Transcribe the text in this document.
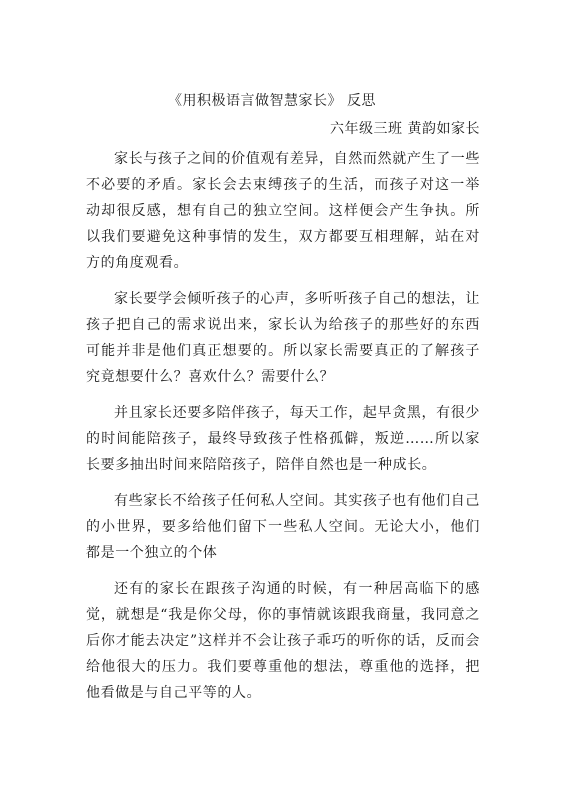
《用积极语言做智慧家长》 反思
六年级三班 黄韵如家长

家长与孩子之间的价值观有差异，自然而然就产生了一些不必要的矛盾。家长会去束缚孩子的生活，而孩子对这一举动却很反感，想有自己的独立空间。这样便会产生争执。所以我们要避免这种事情的发生，双方都要互相理解，站在对方的角度观看。

家长要学会倾听孩子的心声，多听听孩子自己的想法，让孩子把自己的需求说出来，家长认为给孩子的那些好的东西可能并非是他们真正想要的。所以家长需要真正的了解孩子究竟想要什么？喜欢什么？需要什么？

并且家长还要多陪伴孩子，每天工作，起早贪黑，有很少的时间能陪孩子，最终导致孩子性格孤僻，叛逆……所以家长要多抽出时间来陪陪孩子，陪伴自然也是一种成长。

有些家长不给孩子任何私人空间。其实孩子也有他们自己的小世界，要多给他们留下一些私人空间。无论大小，他们都是一个独立的个体

还有的家长在跟孩子沟通的时候，有一种居高临下的感觉，就想是“我是你父母，你的事情就该跟我商量，我同意之后你才能去决定”这样并不会让孩子乖巧的听你的话，反而会给他很大的压力。我们要尊重他的想法，尊重他的选择，把他看做是与自己平等的人。
